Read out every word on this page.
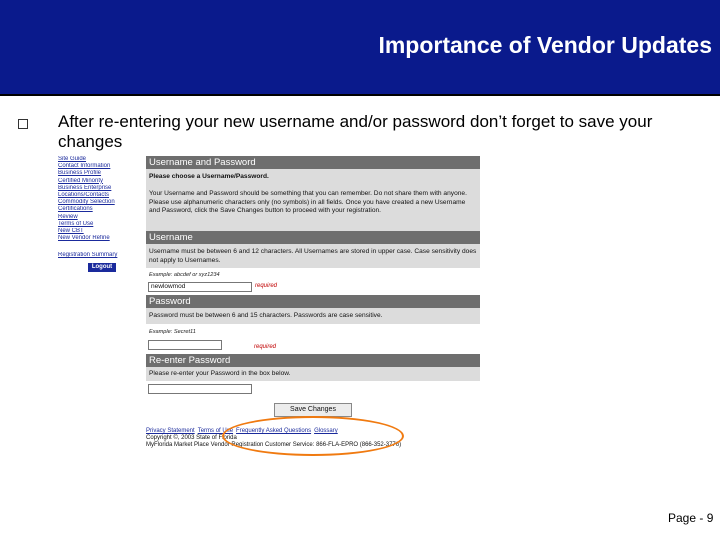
Importance of Vendor Updates
After re-entering your new username and/or password don’t forget to save your changes
Site Guide
Contact Information
Business Profile
Certified Minority
Business Enterprise
Locations/Contacts
Commodity Selection
Certifications
Review
Terms of Use
New CBT
New Vendor Refine
Registration Summary
Logout
Username and Password
Please choose a Username/Password.
Your Username and Password should be something that you can remember. Do not share them with anyone. Please use alphanumeric characters only (no symbols) in all fields. Once you have created a new Username and Password, click the Save Changes button to proceed with your registration.
Username
Username must be between 6 and 12 characters. All Usernames are stored in upper case. Case sensitivity does not apply to Usernames.
Example: abcdef or xyz1234
newlowmod	required
Password
Password must be between 6 and 15 characters. Passwords are case sensitive.
Example: Secret11
required
Re-enter Password
Please re-enter your Password in the box below.
Save Changes
Privacy Statement Terms of Use Frequently Asked Questions Glossary
Copyright ©, 2003 State of Florida
MyFlorida Market Place Vendor Registration Customer Service: 866-FLA-EPRO (866-352-3776)
Page - 9
